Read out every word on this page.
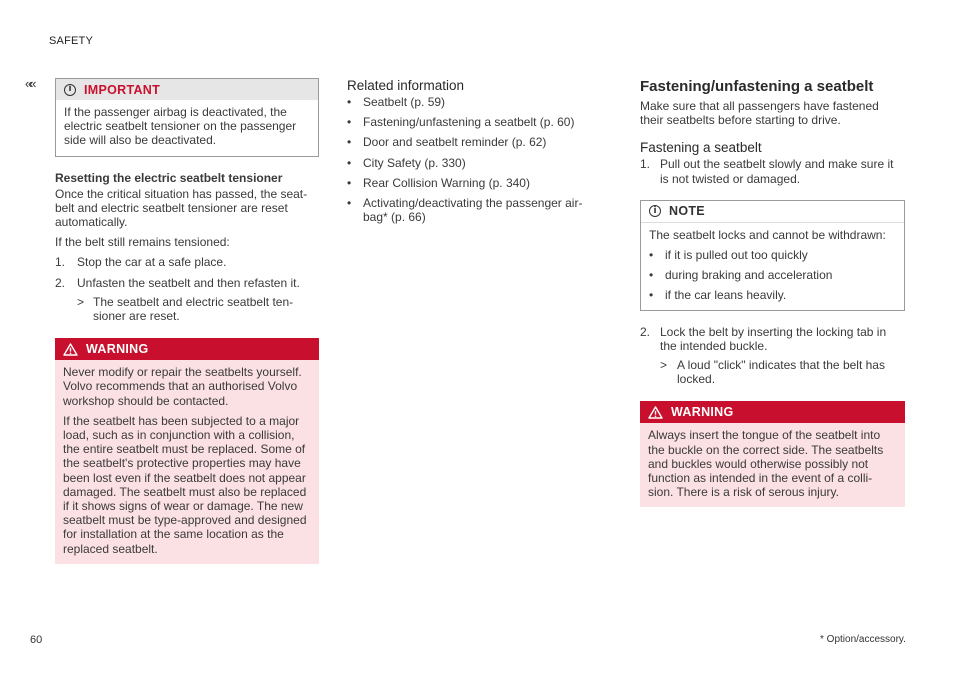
SAFETY
««	i IMPORTANT

If the passenger airbag is deactivated, the electric seatbelt tensioner on the passenger side will also be deactivated.

Resetting the electric seatbelt tensioner

Once the critical situation has passed, the seat-belt and electric seatbelt tensioner are reset automatically.

If the belt still remains tensioned:

1. Stop the car at a safe place.
2. Unfasten the seatbelt and then refasten it.
> The seatbelt and electric seatbelt ten-sioner are reset.
WARNING

Never modify or repair the seatbelts yourself. Volvo recommends that an authorised Volvo workshop should be contacted.

If the seatbelt has been subjected to a major load, such as in conjunction with a collision, the entire seatbelt must be replaced. Some of the seatbelt's protective properties may have been lost even if the seatbelt does not appear damaged. The seatbelt must also be replaced if it shows signs of wear or damage. The new seatbelt must be type-approved and designed for installation at the same location as the replaced seatbelt.

Related information
• Seatbelt (p. 59)
• Fastening/unfastening a seatbelt (p. 60)
• Door and seatbelt reminder (p. 62)
• City Safety (p. 330)
• Rear Collision Warning (p. 340)
• Activating/deactivating the passenger air-bag* (p. 66)
Fastening/unfastening a seatbelt

Make sure that all passengers have fastened their seatbelts before starting to drive.

Fastening a seatbelt
1. Pull out the seatbelt slowly and make sure it is not twisted or damaged.
i NOTE

The seatbelt locks and cannot be withdrawn:

• if it is pulled out too quickly
• during braking and acceleration
• if the car leans heavily.
2. Lock the belt by inserting the locking tab in the intended buckle.
> A loud "click" indicates that the belt has locked.
WARNING

Always insert the tongue of the seatbelt into the buckle on the correct side. The seatbelts and buckles would otherwise possibly not function as intended in the event of a colli-sion. There is a risk of serous injury.

60	* Option/accessory.
